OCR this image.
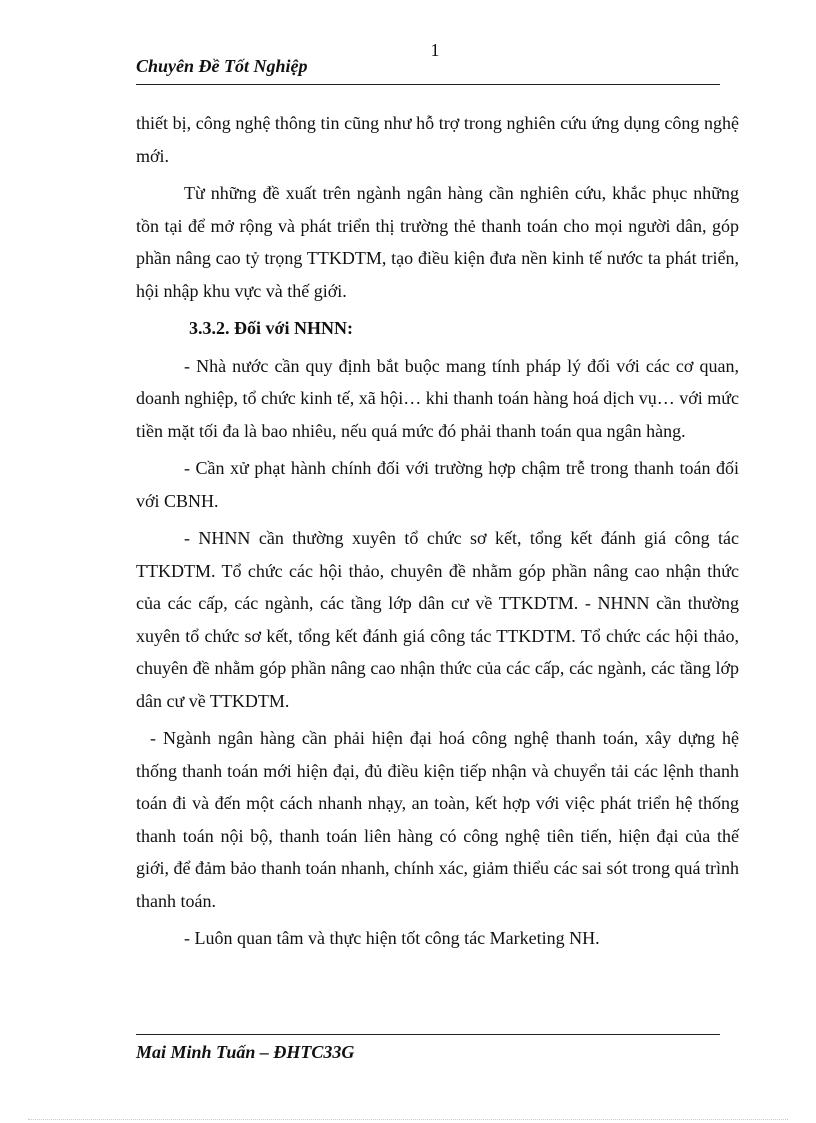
1
Chuyên Đề Tốt Nghiệp

thiết bị, công nghệ thông tin cũng như hỗ trợ trong nghiên cứu ứng dụng công nghệ mới.

Từ những đề xuất trên ngành ngân hàng cần nghiên cứu, khắc phục những tồn tại để mở rộng và phát triển thị trường thẻ thanh toán cho mọi người dân, góp phần nâng cao tỷ trọng TTKDTM, tạo điều kiện đưa nền kinh tế nước ta phát triển, hội nhập khu vực và thế giới.

3.3.2. Đối với NHNN:

- Nhà nước cần quy định bắt buộc mang tính pháp lý đối với các cơ quan, doanh nghiệp, tổ chức kinh tế, xã hội… khi thanh toán hàng hoá dịch vụ… với mức tiền mặt tối đa là bao nhiêu, nếu quá mức đó phải thanh toán qua ngân hàng.

- Cần xử phạt hành chính đối với trường hợp chậm trễ trong thanh toán đối với CBNH.

- NHNN cần thường xuyên tổ chức sơ kết, tổng kết đánh giá công tác TTKDTM. Tổ chức các hội thảo, chuyên đề nhằm góp phần nâng cao nhận thức của các cấp, các ngành, các tầng lớp dân cư về TTKDTM. - NHNN cần thường xuyên tổ chức sơ kết, tổng kết đánh giá công tác TTKDTM. Tổ chức các hội thảo, chuyên đề nhằm góp phần nâng cao nhận thức của các cấp, các ngành, các tầng lớp dân cư về TTKDTM.

- Ngành ngân hàng cần phải hiện đại hoá công nghệ thanh toán, xây dựng hệ thống thanh toán mới hiện đại, đủ điều kiện tiếp nhận và chuyển tải các lệnh thanh toán đi và đến một cách nhanh nhạy, an toàn, kết hợp với việc phát triển hệ thống thanh toán nội bộ, thanh toán liên hàng có công nghệ tiên tiến, hiện đại của thế giới, để đảm bảo thanh toán nhanh, chính xác, giảm thiểu các sai sót trong quá trình thanh toán.

- Luôn quan tâm và thực hiện tốt công tác Marketing NH.

Mai Minh Tuấn – ĐHTC33G
